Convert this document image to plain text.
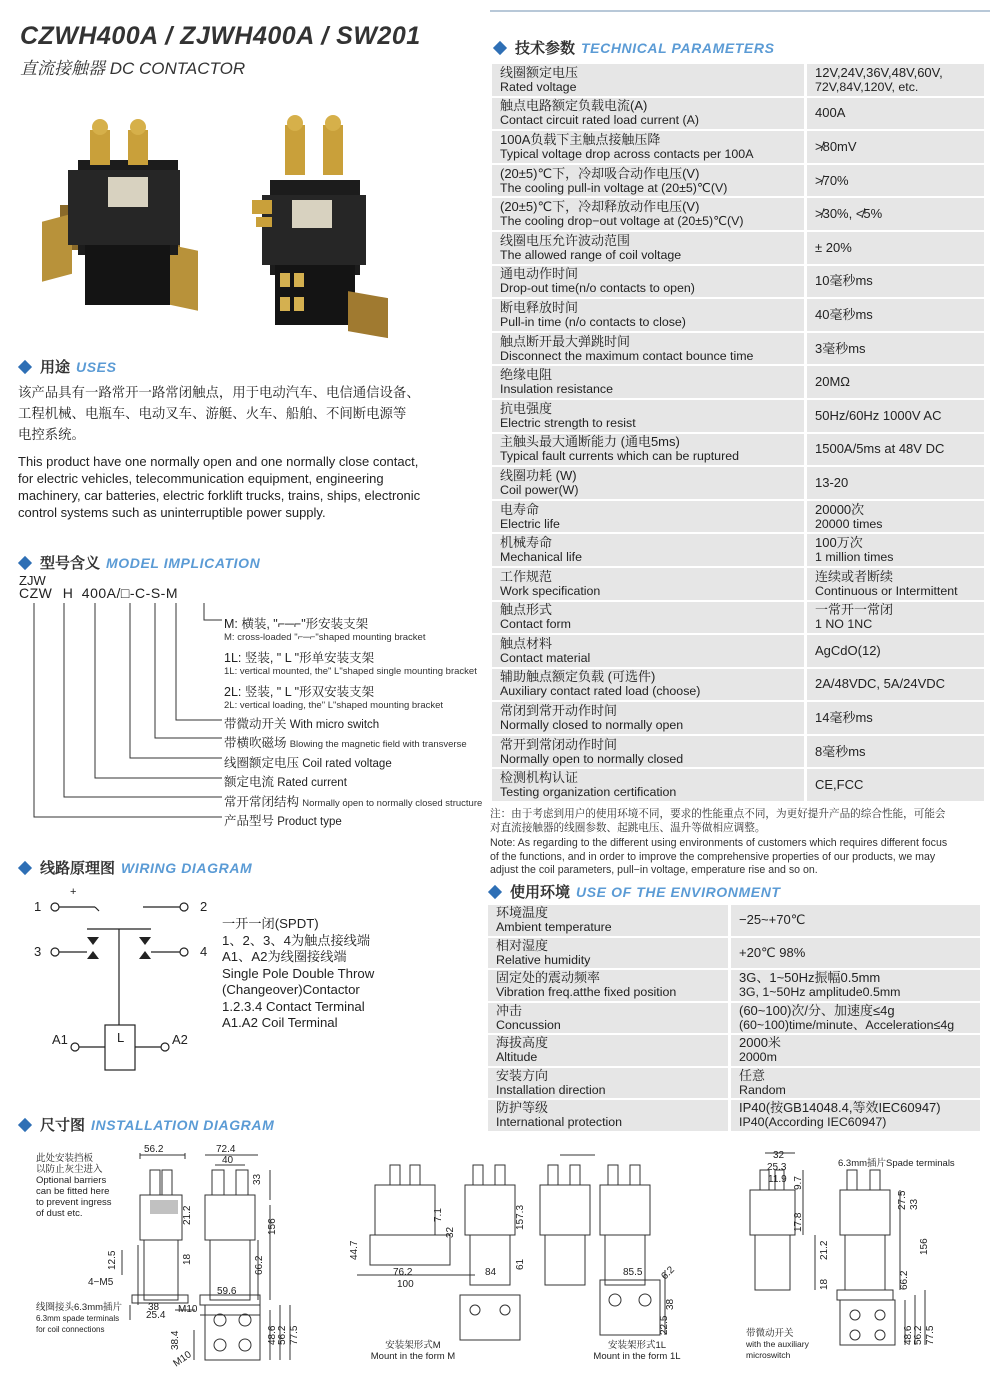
CZWH400A / ZJWH400A / SW201
直流接触器 DC CONTACTOR
用途 USES
该产品具有一路常开一路常闭触点，用于电动汽车、电信通信设备、
工程机械、电瓶车、电动叉车、游艇、火车、船舶、不间断电源等
电控系统。
This product have one normally open and one normally close contact,
for electric vehicles, telecommunication equipment, engineering
machinery, car batteries, electric forklift trucks, trains, ships, electronic
control systems such as uninterruptible power supply.
型号含义 MODEL IMPLICATION
ZJW
CZW H 400A/□-C-S-M
M: 横装, "⌐─⌐"形安装支架
M: cross-loaded "⌐─⌐"shaped mounting bracket
1L: 竖装, " L "形单安装支架
1L: vertical mounted, the" L"shaped single mounting bracket
2L: 竖装, " L "形双安装支架
2L: vertical loading, the" L"shaped mounting bracket
带微动开关 With micro switch
带横吹磁场 Blowing the magnetic field with transverse
线圈额定电压 Coil rated voltage
额定电流 Rated current
常开常闭结构 Normally open to normally closed structure
产品型号 Product type
线路原理图 WIRING DIAGRAM
1	2
3	4
A1	A2
L
+
一开一闭(SPDT)
1、2、3、4为触点接线端
A1、A2为线圈接线端
Single Pole Double Throw
(Changeover)Contactor
1.2.3.4 Contact Terminal
A1.A2 Coil Terminal
技术参数 TECHNICAL PARAMETERS
线圈额定电压
Rated voltage	12V,24V,36V,48V,60V,
72V,84V,120V, etc.

触点电路额定负载电流(A)
Contact circuit rated load current (A)	400A

100A负载下主触点接触压降
Typical voltage drop across contacts per 100A	≯80mV

(20±5)℃下，冷却吸合动作电压(V)
The cooling pull-in voltage at (20±5)℃(V)	≯70%

(20±5)℃下，冷却释放动作电压(V)
The cooling drop−out voltage at (20±5)℃(V)	≯30%, ≮5%

线圈电压允许波动范围
The allowed range of coil voltage	± 20%

通电动作时间
Drop-out time(n/o contacts to open)	10毫秒ms

断电释放时间
Pull-in time (n/o contacts to close)	40毫秒ms

触点断开最大弹跳时间
Disconnect the maximum contact bounce time	3毫秒ms

绝缘电阻
Insulation resistance	20MΩ

抗电强度
Electric strength to resist	50Hz/60Hz 1000V AC

主触头最大通断能力 (通电5ms)
Typical fault currents which can be ruptured	1500A/5ms at 48V DC

线圈功耗 (W)
Coil power(W)	13-20

电寿命
Electric life	20000次
20000 times

机械寿命
Mechanical life	100万次
1 million times

工作规范
Work specification	连续或者断续
Continuous or Intermittent

触点形式
Contact form	一常开一常闭
1 NO 1NC

触点材料
Contact material	AgCdO(12)

辅助触点额定负载 (可选件)
Auxiliary contact rated load (choose)	2A/48VDC, 5A/24VDC

常闭到常开动作时间
Normally closed to normally open	14毫秒ms

常开到常闭动作时间
Normally open to normally closed	8毫秒ms

检测机构认证
Testing organization certification	CE,FCC
注：由于考虑到用户的使用环境不同，要求的性能重点不同，为更好提升产品的综合性能，可能会
对直流接触器的线圈参数、起跳电压、温升等做相应调整。
Note: As regarding to the different using environments of customers which requires different focus
of the functions, and in order to improve the comprehensive properties of our products, we may
adjust the coil parameters, pull−in voltage, emperature rise and so on.
使用环境 USE OF THE ENVIRONMENT
环境温度
Ambient temperature	−25~+70℃

相对湿度
Relative humidity	+20℃ 98%

固定处的震动频率
Vibration freq.atthe fixed position	3G、1~50Hz振幅0.5mm
3G, 1~50Hz amplitude0.5mm

冲击
Concussion	(60~100)次/分、加速度≤4g
(60~100)time/minute、Acceleration≤4g

海拔高度
Altitude	2000米
2000m

安装方向
Installation direction	任意
Random

防护等级
International protection	IP40(按GB14048.4,等效IEC60947)
IP40(According IEC60947)
尺寸图 INSTALLATION DIAGRAM
此处安装挡板
以防止灰尘进入
Optional barriers
can be fitted here
to prevent ingress
of dust etc.
线圈接头6.3mm插片
6.3mm spade terminals
for coil connections
56.2	72.4
40
33
21.2
156
12.5	18	66.2
4−M5
25.4
59.6
38 M10
48.6 56.2 77.5
38.4
M10
44.7
7.1
32
76.2
100
84
157.3
61
85.5 6.2
38
22.5
安装架形式M
Mount in the form M
安装架形式1L
Mount in the form 1L
32
25.3
11.9 9.7
17.8
21.2
33
27.5
156
66.2
18
48.6 56.2 77.5
6.3mm插片Spade terminals
带微动开关
with the auxiliary
microswitch
